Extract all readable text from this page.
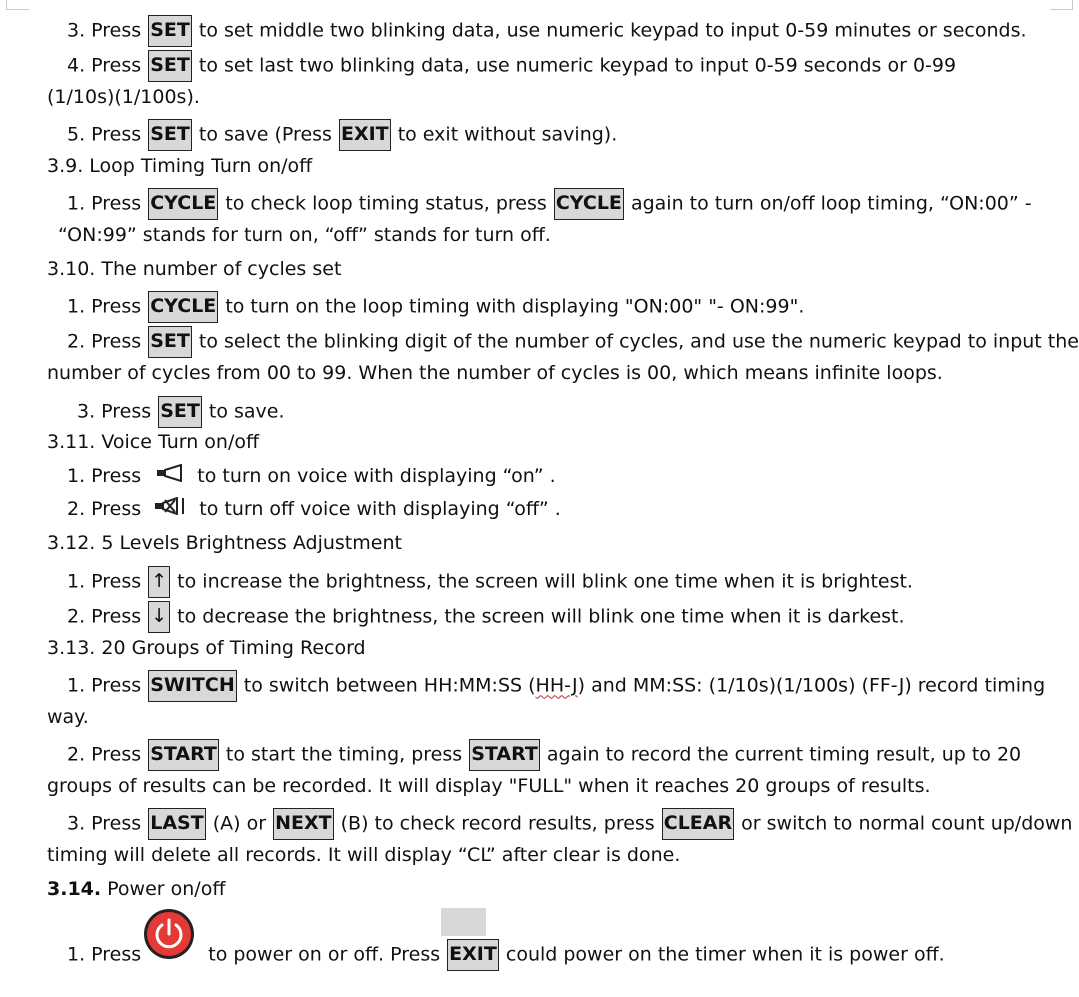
3. Press SET to set middle two blinking data, use numeric keypad to input 0-59 minutes or seconds.
4. Press SET to set last two blinking data, use numeric keypad to input 0-59 seconds or 0-99
(1/10s)(1/100s).
5. Press SET to save (Press EXIT to exit without saving).
3.9. Loop Timing Turn on/off
1. Press CYCLE to check loop timing status, press CYCLE again to turn on/off loop timing, “ON:00” -
“ON:99” stands for turn on, “off” stands for turn off.
3.10. The number of cycles set
1. Press CYCLE to turn on the loop timing with displaying "ON:00" "- ON:99".
2. Press SET to select the blinking digit of the number of cycles, and use the numeric keypad to input the
number of cycles from 00 to 99. When the number of cycles is 00, which means infinite loops.
3. Press SET to save.
3.11. Voice Turn on/off
1. Press  to turn on voice with displaying “on” .
2. Press  to turn off voice with displaying “off” .
3.12. 5 Levels Brightness Adjustment
1. Press ↑ to increase the brightness, the screen will blink one time when it is brightest.
2. Press ↓ to decrease the brightness, the screen will blink one time when it is darkest.
3.13. 20 Groups of Timing Record
1. Press SWITCH to switch between HH:MM:SS (HH-J) and MM:SS: (1/10s)(1/100s) (FF-J) record timing
way.
2. Press START to start the timing, press START again to record the current timing result, up to 20
groups of results can be recorded. It will display "FULL" when it reaches 20 groups of results.
3. Press LAST (A) or NEXT (B) to check record results, press CLEAR or switch to normal count up/down
timing will delete all records. It will display “CL” after clear is done.
3.14. Power on/off
1. Press	to power on or off. Press EXIT could power on the timer when it is power off.
